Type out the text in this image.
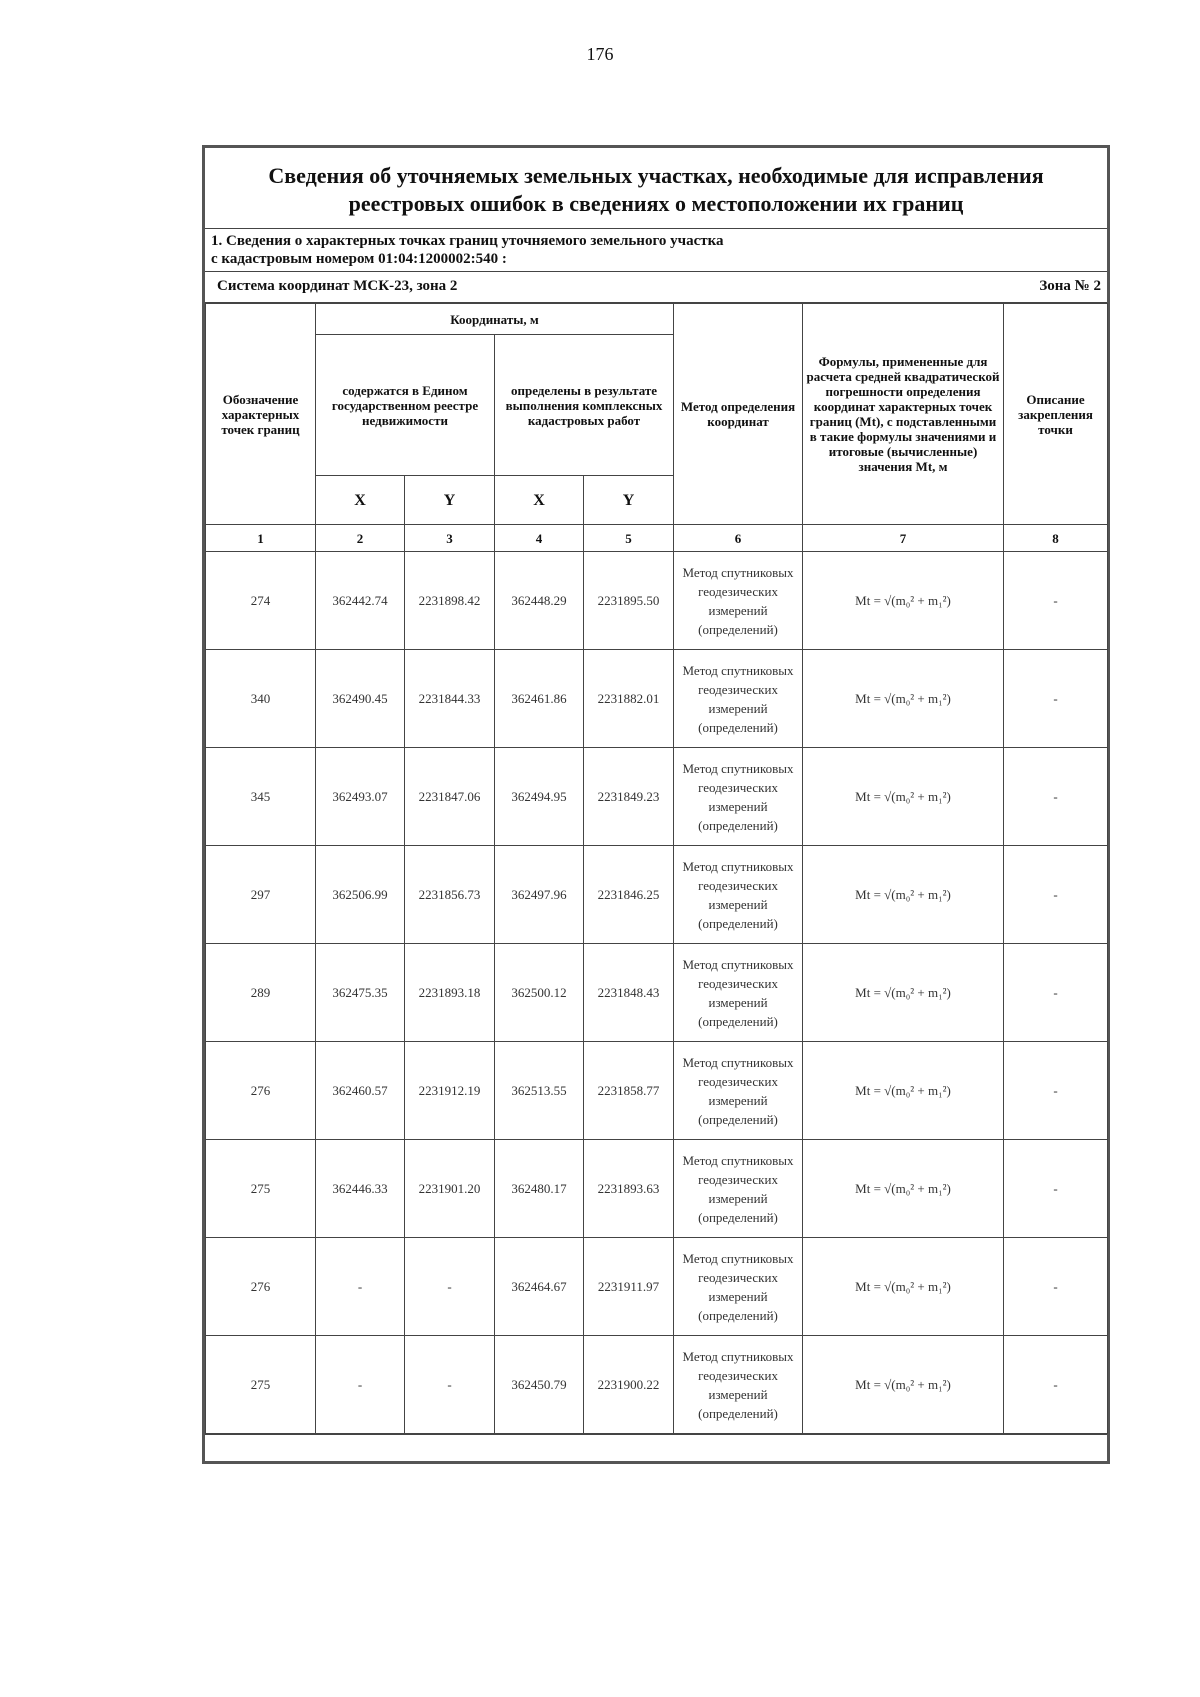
176
Сведения об уточняемых земельных участках, необходимые для исправления реестровых ошибок в сведениях о местоположении их границ
1. Сведения о характерных точках границ уточняемого земельного участка
с кадастровым номером 01:04:1200002:540 :
Система координат МСК-23, зона 2	Зона № 2
Обозначение характерных точек границ	Координаты, м				Метод определения координат	Формулы, примененные для расчета средней квадратической погрешности определения координат характерных точек границ (Mt), с подставленными в такие формулы значениями и итоговые (вычисленные) значения Mt, м	Описание закрепления точки
	содержатся в Едином государственном реестре недвижимости		определены в результате выполнения комплексных кадастровых работ				
	X	Y	X	Y			
1	2	3	4	5	6	7	8
274	362442.74	2231898.42	362448.29	2231895.50	Метод спутниковых геодезических измерений (определений)	Mt = √(m₀² + m₁²)	-
340	362490.45	2231844.33	362461.86	2231882.01	Метод спутниковых геодезических измерений (определений)	Mt = √(m₀² + m₁²)	-
345	362493.07	2231847.06	362494.95	2231849.23	Метод спутниковых геодезических измерений (определений)	Mt = √(m₀² + m₁²)	-
297	362506.99	2231856.73	362497.96	2231846.25	Метод спутниковых геодезических измерений (определений)	Mt = √(m₀² + m₁²)	-
289	362475.35	2231893.18	362500.12	2231848.43	Метод спутниковых геодезических измерений (определений)	Mt = √(m₀² + m₁²)	-
276	362460.57	2231912.19	362513.55	2231858.77	Метод спутниковых геодезических измерений (определений)	Mt = √(m₀² + m₁²)	-
275	362446.33	2231901.20	362480.17	2231893.63	Метод спутниковых геодезических измерений (определений)	Mt = √(m₀² + m₁²)	-
276	-	-	362464.67	2231911.97	Метод спутниковых геодезических измерений (определений)	Mt = √(m₀² + m₁²)	-
275	-	-	362450.79	2231900.22	Метод спутниковых геодезических измерений (определений)	Mt = √(m₀² + m₁²)	-
